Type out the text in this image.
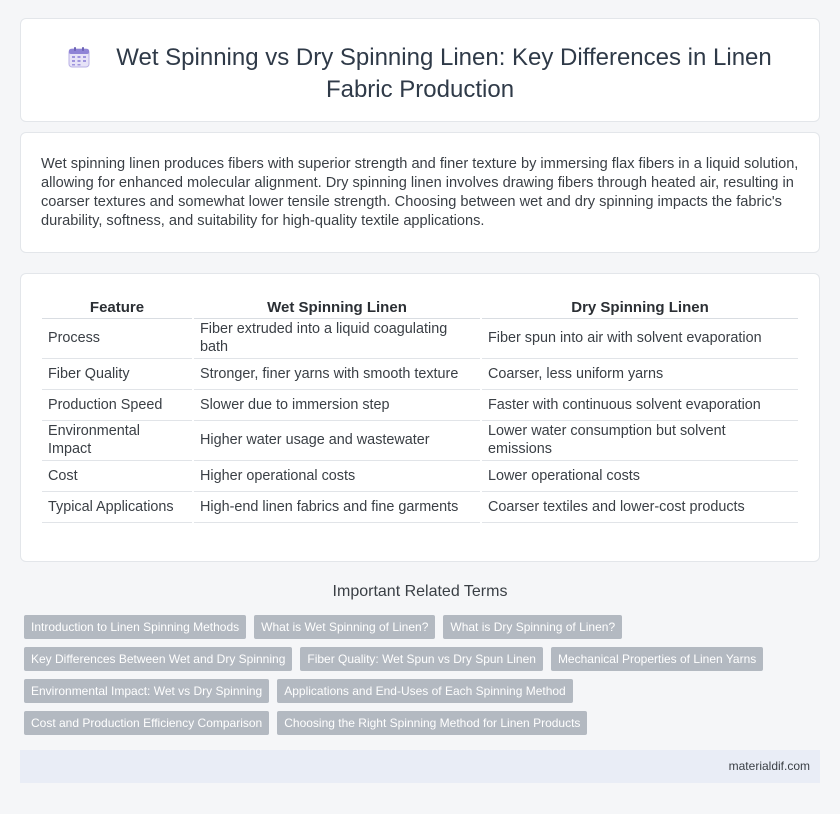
Wet Spinning vs Dry Spinning Linen: Key Differences in Linen
Fabric Production

Wet spinning linen produces fibers with superior strength and finer texture by immersing flax fibers in a liquid solution, allowing for enhanced molecular alignment. Dry spinning linen involves drawing fibers through heated air, resulting in coarser textures and somewhat lower tensile strength. Choosing between wet and dry spinning impacts the fabric's durability, softness, and suitability for high-quality textile applications.

Feature	Wet Spinning Linen	Dry Spinning Linen
Process	Fiber extruded into a liquid coagulating bath	Fiber spun into air with solvent evaporation
Fiber Quality	Stronger, finer yarns with smooth texture	Coarser, less uniform yarns
Production Speed	Slower due to immersion step	Faster with continuous solvent evaporation
Environmental Impact	Higher water usage and wastewater	Lower water consumption but solvent emissions
Cost	Higher operational costs	Lower operational costs
Typical Applications	High-end linen fabrics and fine garments	Coarser textiles and lower-cost products
Important Related Terms
Introduction to Linen Spinning Methods	What is Wet Spinning of Linen?	What is Dry Spinning of Linen?
Key Differences Between Wet and Dry Spinning	Fiber Quality: Wet Spun vs Dry Spun Linen	Mechanical Properties of Linen Yarns
Environmental Impact: Wet vs Dry Spinning	Applications and End-Uses of Each Spinning Method
Cost and Production Efficiency Comparison	Choosing the Right Spinning Method for Linen Products
materialdif.com
